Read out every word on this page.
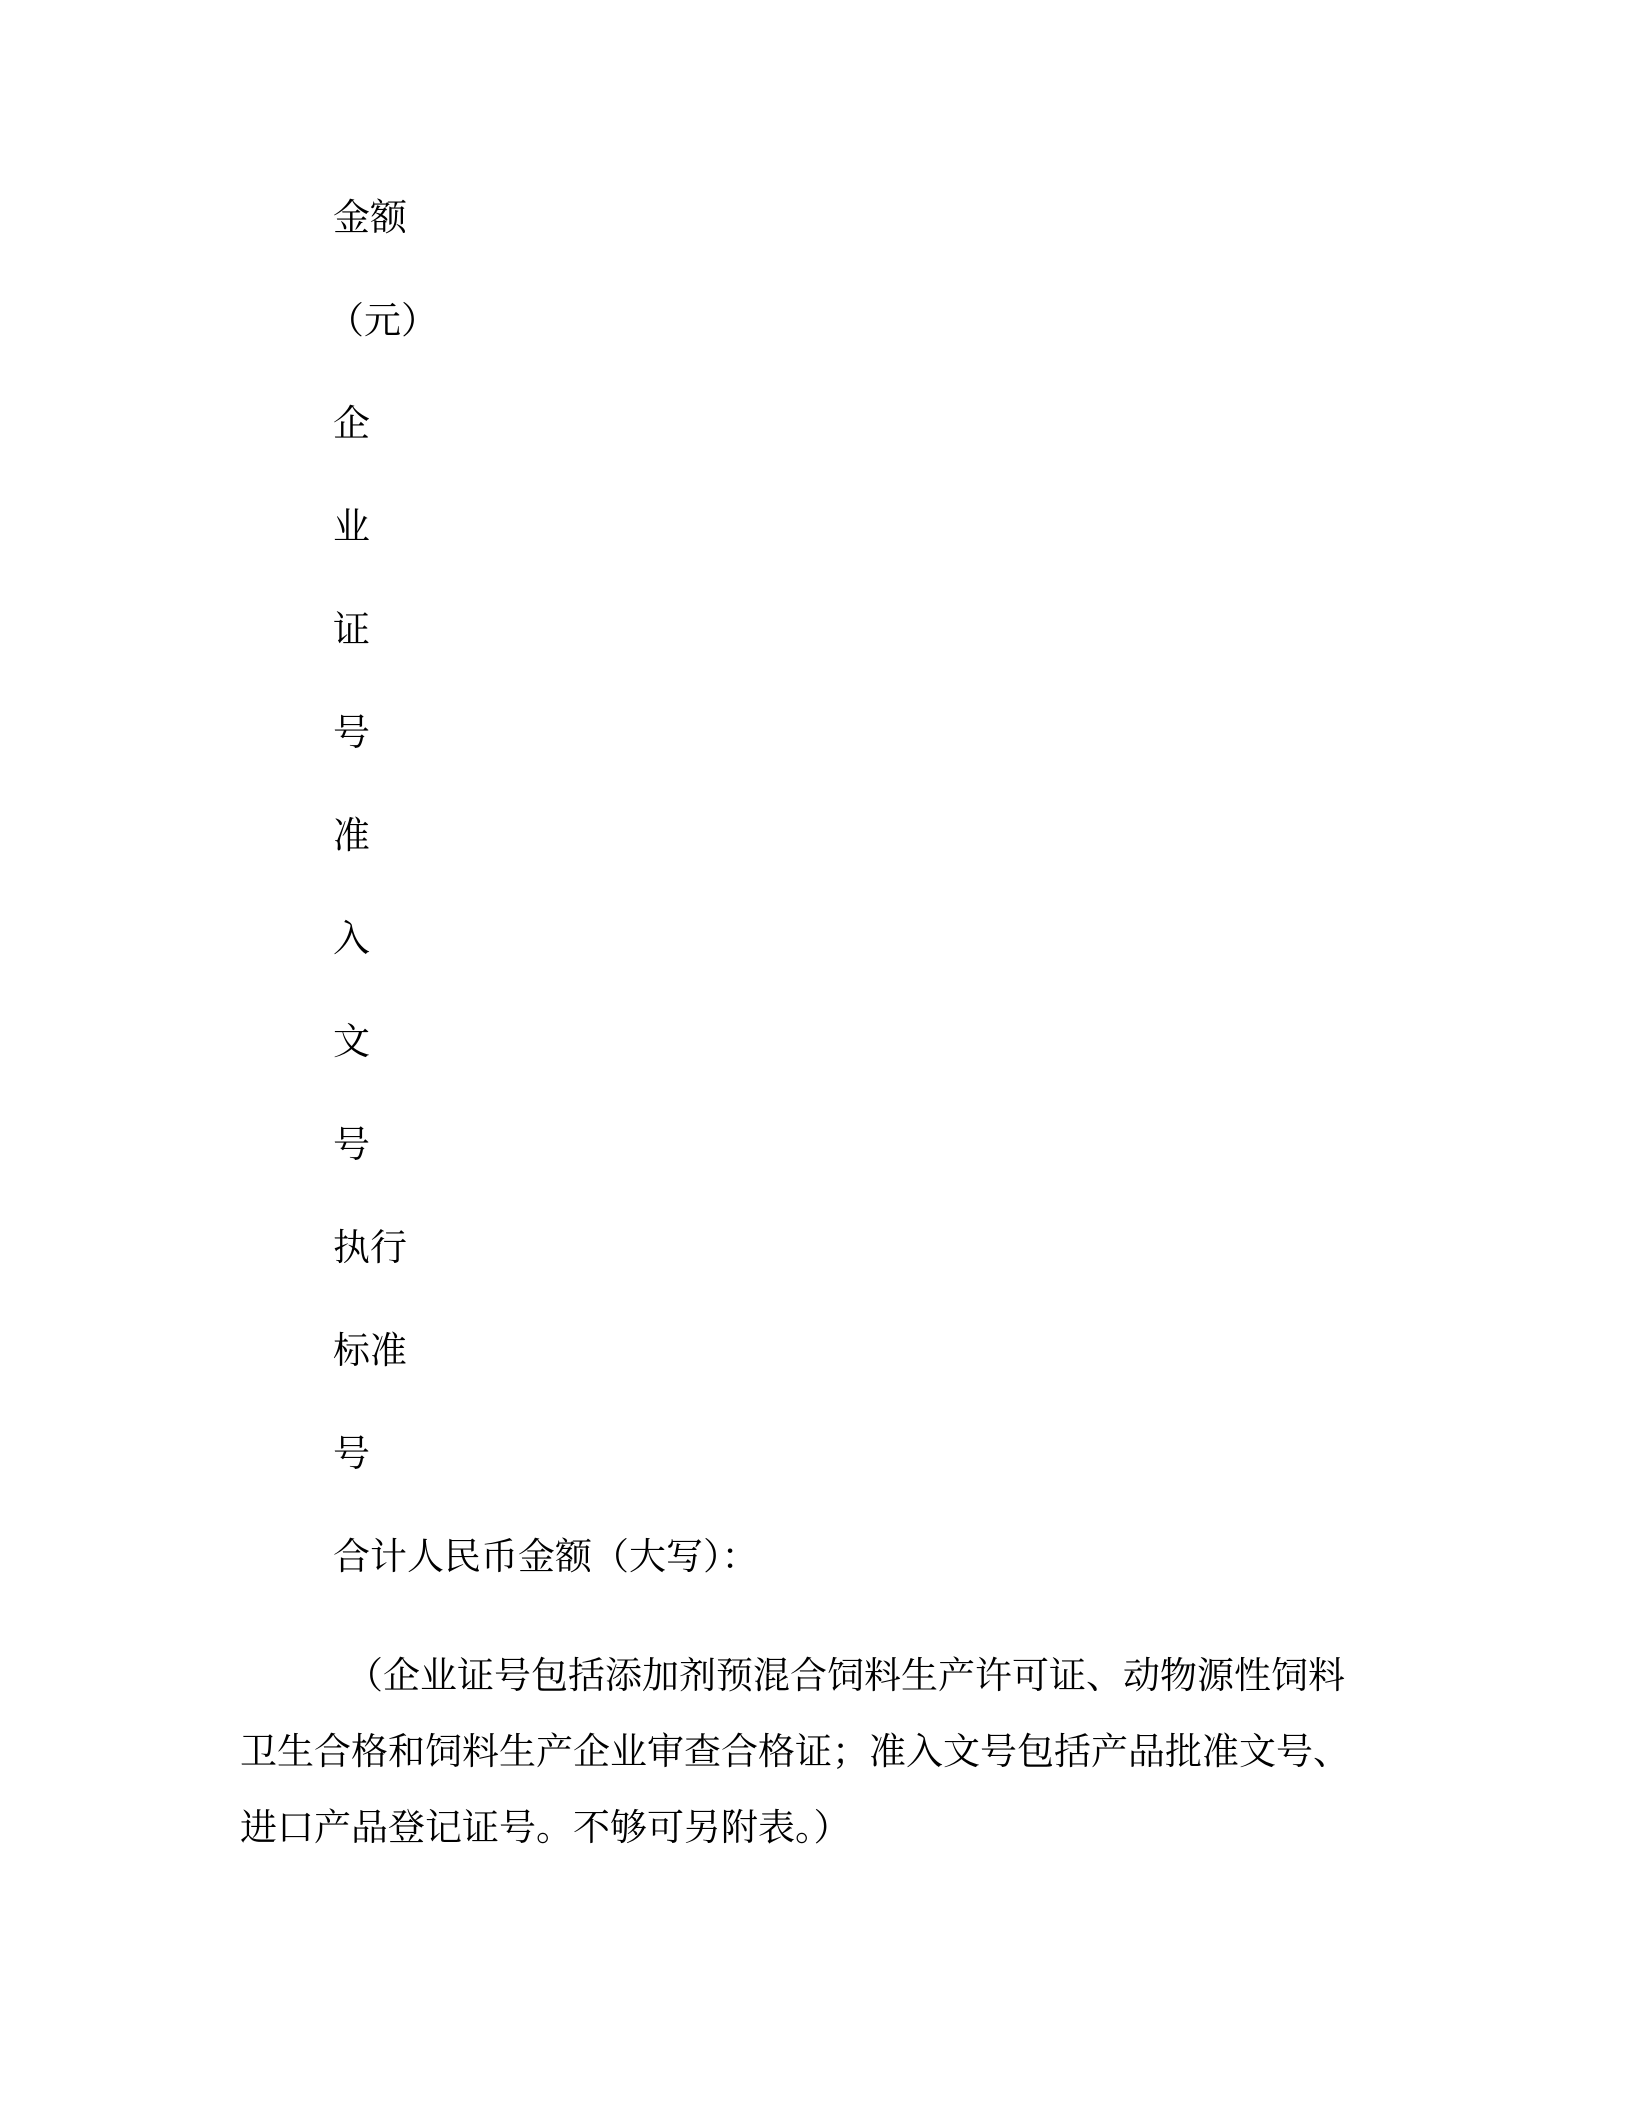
金额

（元）

企

业

证

号

准

入

文

号

执行

标准

号

合计人民币金额（大写）：

（企业证号包括添加剂预混合饲料生产许可证、动物源性饲料卫生合格和饲料生产企业审查合格证；准入文号包括产品批准文号、进口产品登记证号。不够可另附表。）
